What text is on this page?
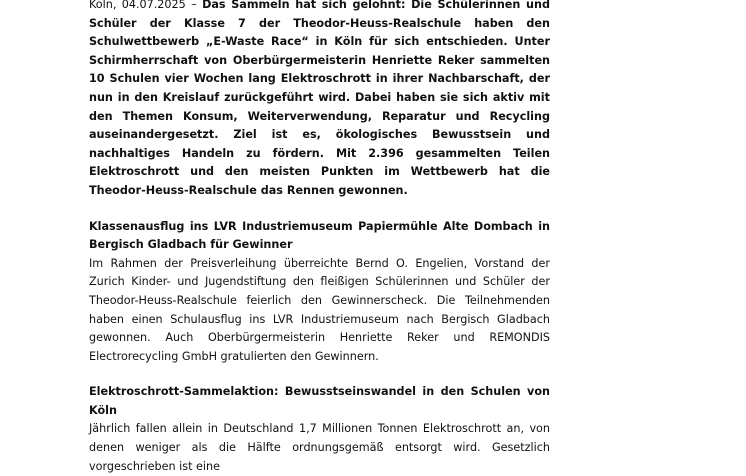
Köln, 04.07.2025 – Das Sammeln hat sich gelohnt: Die Schülerinnen und Schüler der Klasse 7 der Theodor-Heuss-Realschule haben den Schulwettbewerb „E-Waste Race“ in Köln für sich entschieden. Unter Schirmherrschaft von Oberbürgermeisterin Henriette Reker sammelten 10 Schulen vier Wochen lang Elektroschrott in ihrer Nachbarschaft, der nun in den Kreislauf zurückgeführt wird. Dabei haben sie sich aktiv mit den Themen Konsum, Weiterverwendung, Reparatur und Recycling auseinandergesetzt. Ziel ist es, ökologisches Bewusstsein und nachhaltiges Handeln zu fördern. Mit 2.396 gesammelten Teilen Elektroschrott und den meisten Punkten im Wettbewerb hat die Theodor-Heuss-Realschule das Rennen gewonnen.

Klassenausflug ins LVR Industriemuseum Papiermühle Alte Dombach in Bergisch Gladbach für Gewinner

Im Rahmen der Preisverleihung überreichte Bernd O. Engelien, Vorstand der Zurich Kinder- und Jugendstiftung den fleißigen Schülerinnen und Schüler der Theodor-Heuss-Realschule feierlich den Gewinnerscheck. Die Teilnehmenden haben einen Schulausflug ins LVR Industriemuseum nach Bergisch Gladbach gewonnen. Auch Oberbürgermeisterin Henriette Reker und REMONDIS Electrorecycling GmbH gratulierten den Gewinnern.

Elektroschrott-Sammelaktion: Bewusstseinswandel in den Schulen von Köln

Jährlich fallen allein in Deutschland 1,7 Millionen Tonnen Elektroschrott an, von denen weniger als die Hälfte ordnungsgemäß entsorgt wird. Gesetzlich vorgeschrieben ist eine
